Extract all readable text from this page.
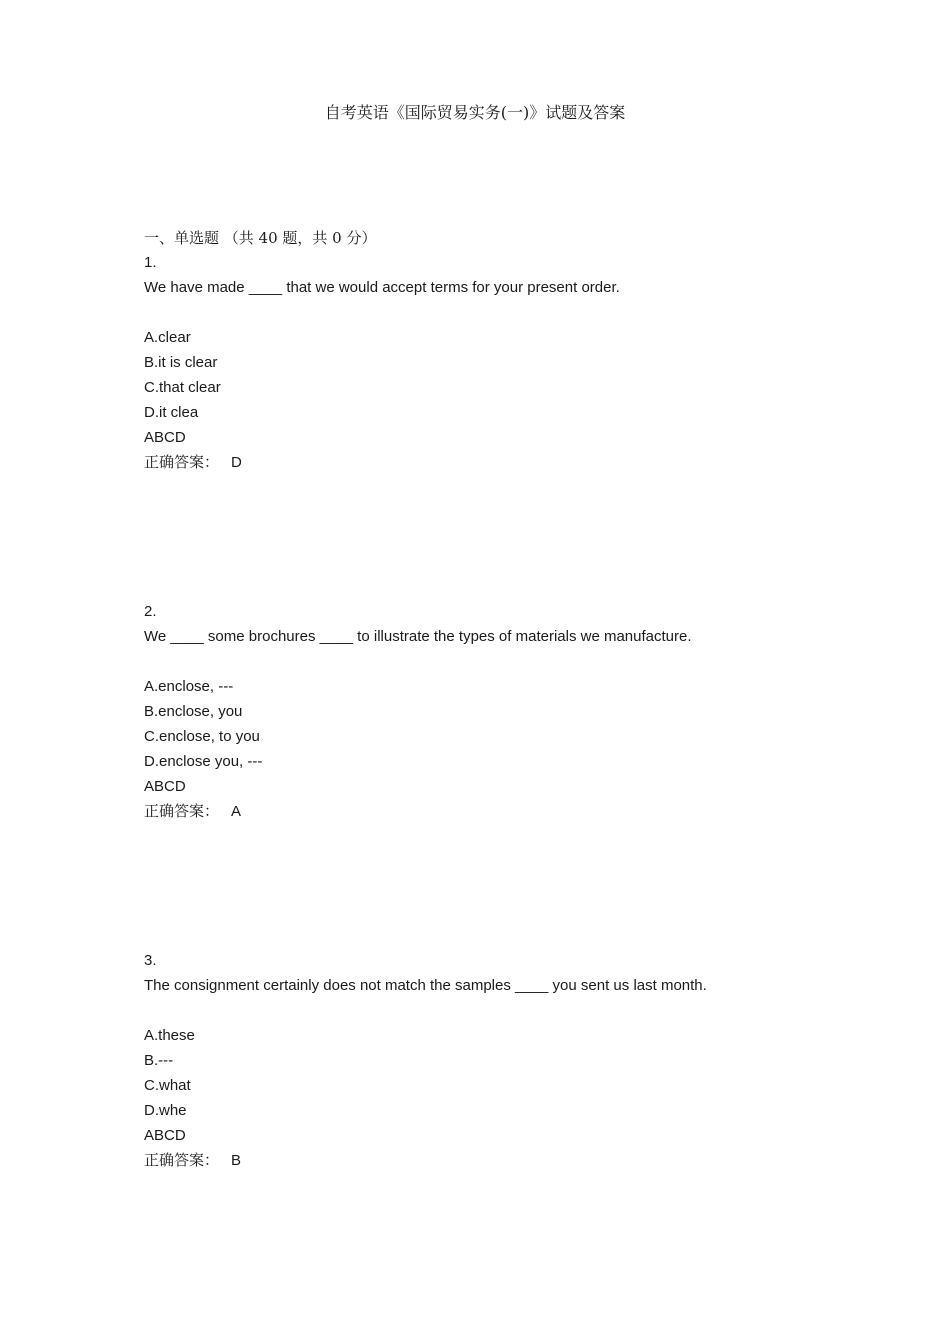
自考英语《国际贸易实务(一)》试题及答案
一、单选题 （共 40 题，共 0 分）
1.
We have made ____ that we would accept terms for your present order.
A.clear
B.it is clear
C.that clear
D.it clea
ABCD
正确答案： D
2.
We ____ some brochures ____ to illustrate the types of materials we manufacture.
A.enclose, ---
B.enclose, you
C.enclose, to you
D.enclose you, ---
ABCD
正确答案： A
3.
The consignment certainly does not match the samples ____ you sent us last month.
A.these
B.---
C.what
D.whe
ABCD
正确答案： B
